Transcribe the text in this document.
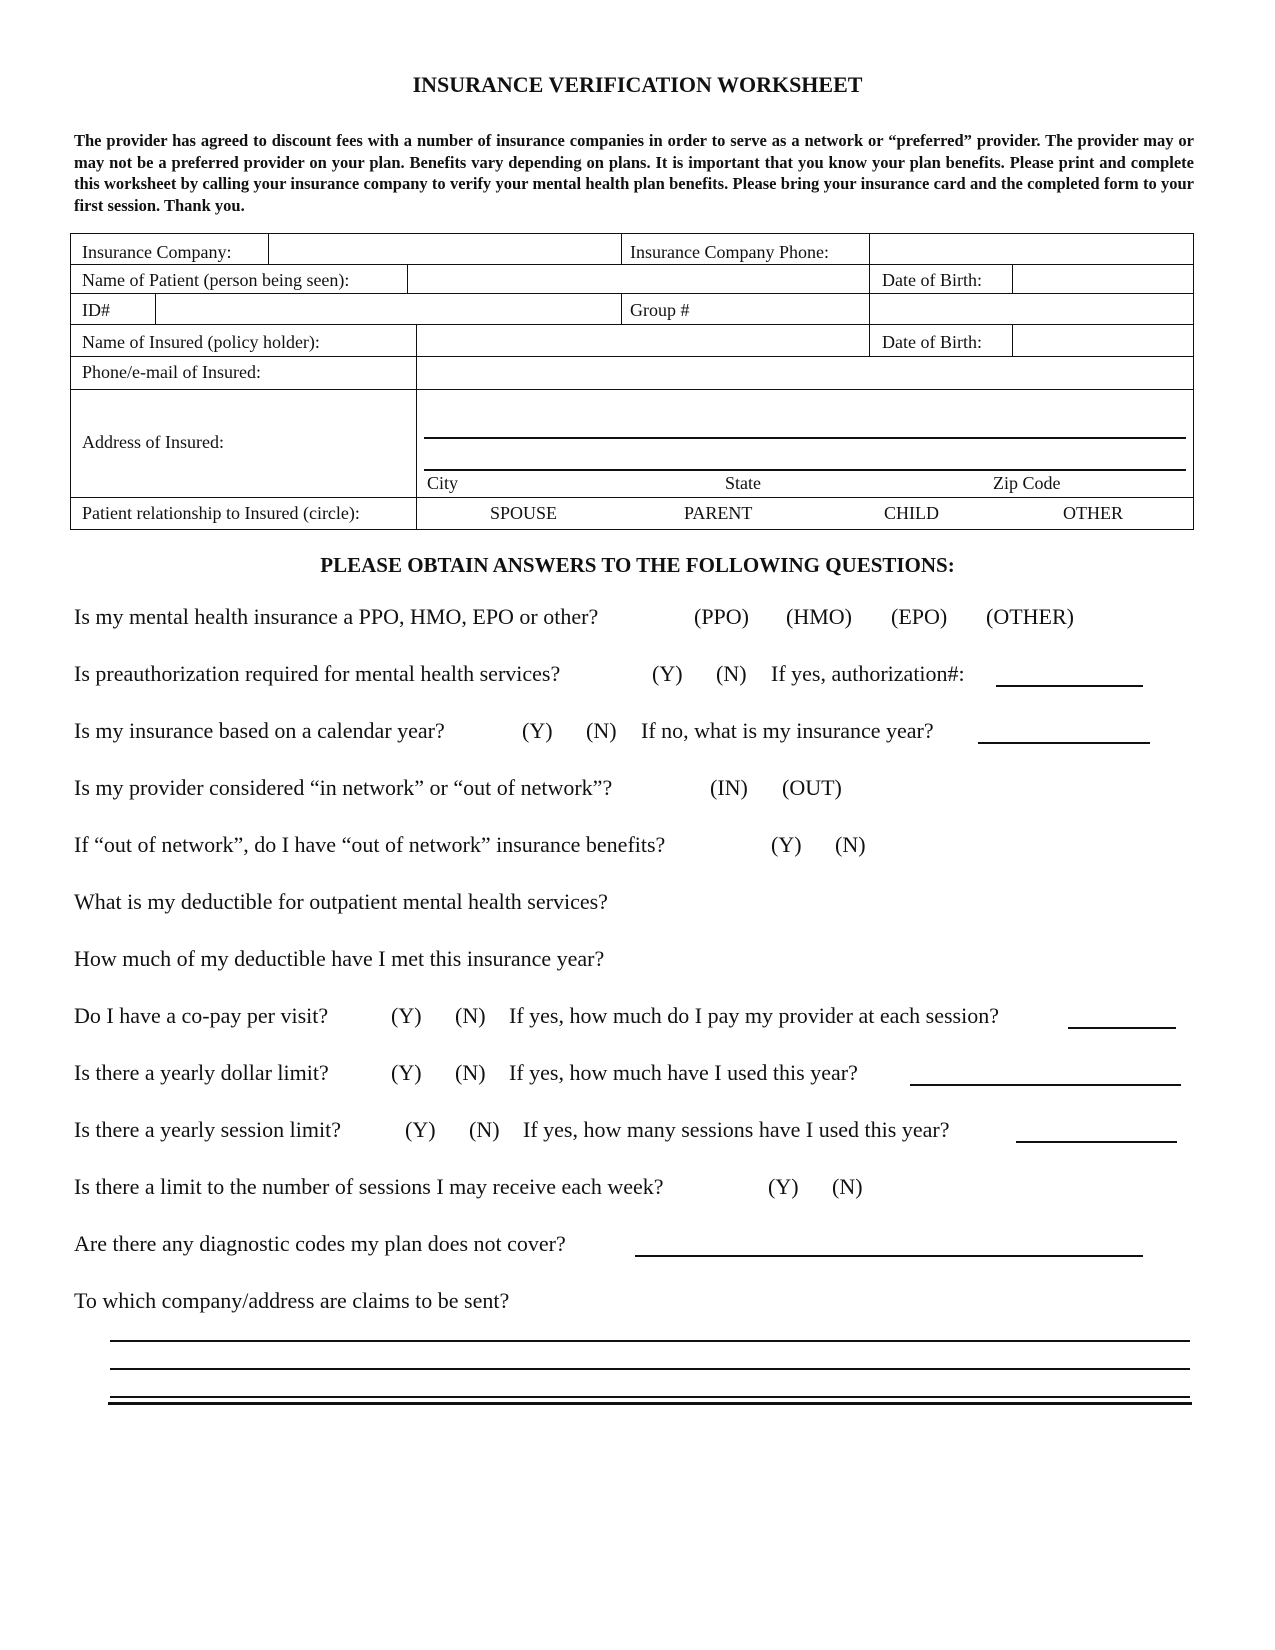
INSURANCE VERIFICATION WORKSHEET

The provider has agreed to discount fees with a number of insurance companies in order to serve as a network or “preferred” provider. The provider may or may not be a preferred provider on your plan. Benefits vary depending on plans. It is important that you know your plan benefits. Please print and complete this worksheet by calling your insurance company to verify your mental health plan benefits. Please bring your insurance card and the completed form to your first session. Thank you.

Insurance Company:	Insurance Company Phone:
Name of Patient (person being seen):	Date of Birth:
ID#	Group #
Name of Insured (policy holder):	Date of Birth:
Phone/e-mail of Insured:
Address of Insured:
City	State	Zip Code
Patient relationship to Insured (circle):	SPOUSE	PARENT	CHILD	OTHER
PLEASE OBTAIN ANSWERS TO THE FOLLOWING QUESTIONS:
Is my mental health insurance a PPO, HMO, EPO or other?	(PPO) (HMO) (EPO) (OTHER)
Is preauthorization required for mental health services?	(Y) (N) If yes, authorization#:
Is my insurance based on a calendar year?	(Y) (N) If no, what is my insurance year?
Is my provider considered “in network” or “out of network”?	(IN) (OUT)
If “out of network”, do I have “out of network” insurance benefits?	(Y) (N)
What is my deductible for outpatient mental health services?
How much of my deductible have I met this insurance year?
Do I have a co-pay per visit?	(Y) (N) If yes, how much do I pay my provider at each session?
Is there a yearly dollar limit?	(Y) (N) If yes, how much have I used this year?
Is there a yearly session limit?	(Y) (N) If yes, how many sessions have I used this year?
Is there a limit to the number of sessions I may receive each week?	(Y) (N)
Are there any diagnostic codes my plan does not cover?
To which company/address are claims to be sent?
